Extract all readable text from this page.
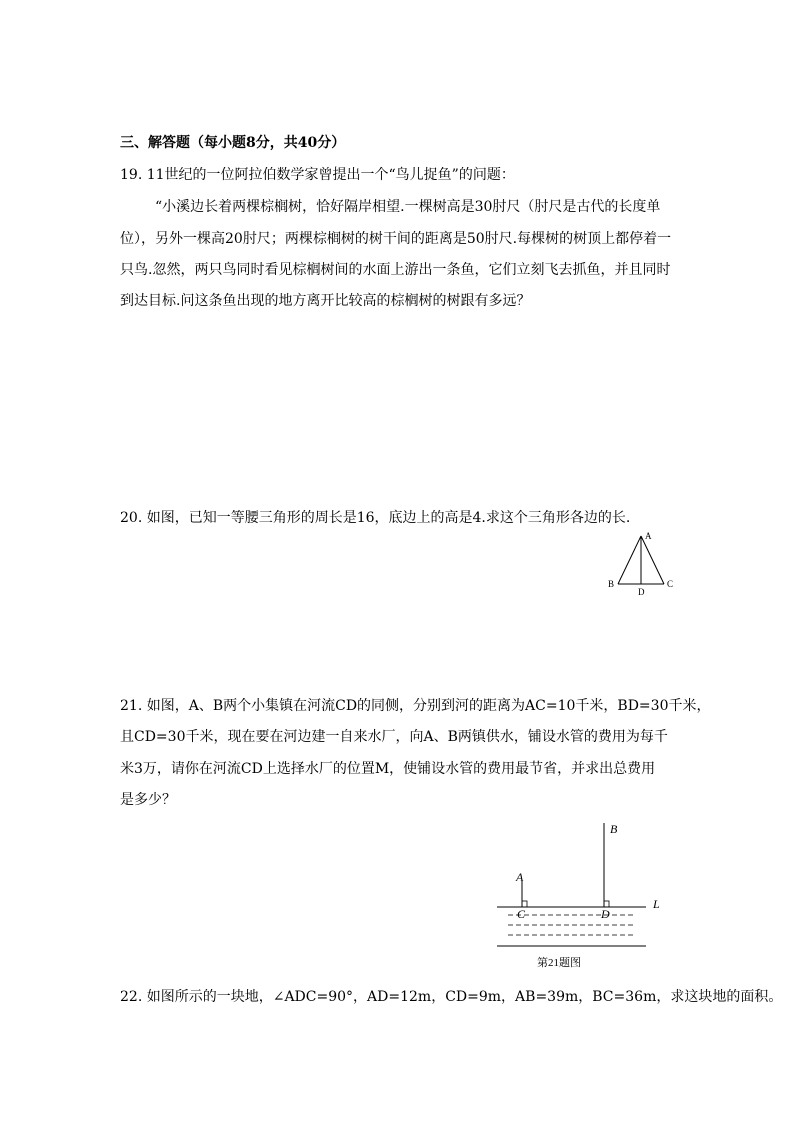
三、解答题（每小题8分，共40分）
19. 11世纪的一位阿拉伯数学家曾提出一个“鸟儿捉鱼”的问题：
“小溪边长着两棵棕榈树，恰好隔岸相望.一棵树高是30肘尺（肘尺是古代的长度单
位），另外一棵高20肘尺；两棵棕榈树的树干间的距离是50肘尺.每棵树的树顶上都停着一
只鸟.忽然，两只鸟同时看见棕榈树间的水面上游出一条鱼，它们立刻飞去抓鱼，并且同时
到达目标.问这条鱼出现的地方离开比较高的棕榈树的树跟有多远？
20. 如图，已知一等腰三角形的周长是16，底边上的高是4.求这个三角形各边的长.
A
B	C
D
21. 如图，A、B两个小集镇在河流CD的同侧，分别到河的距离为AC=10千米，BD=30千米，
且CD=30千米，现在要在河边建一自来水厂，向A、B两镇供水，铺设水管的费用为每千
米3万，请你在河流CD上选择水厂的位置M，使铺设水管的费用最节省，并求出总费用
是多少？
B
A
C	D
L
第21题图
22. 如图所示的一块地，∠ADC=90°，AD=12m，CD=9m，AB=39m，BC=36m，求这块地的面积。
